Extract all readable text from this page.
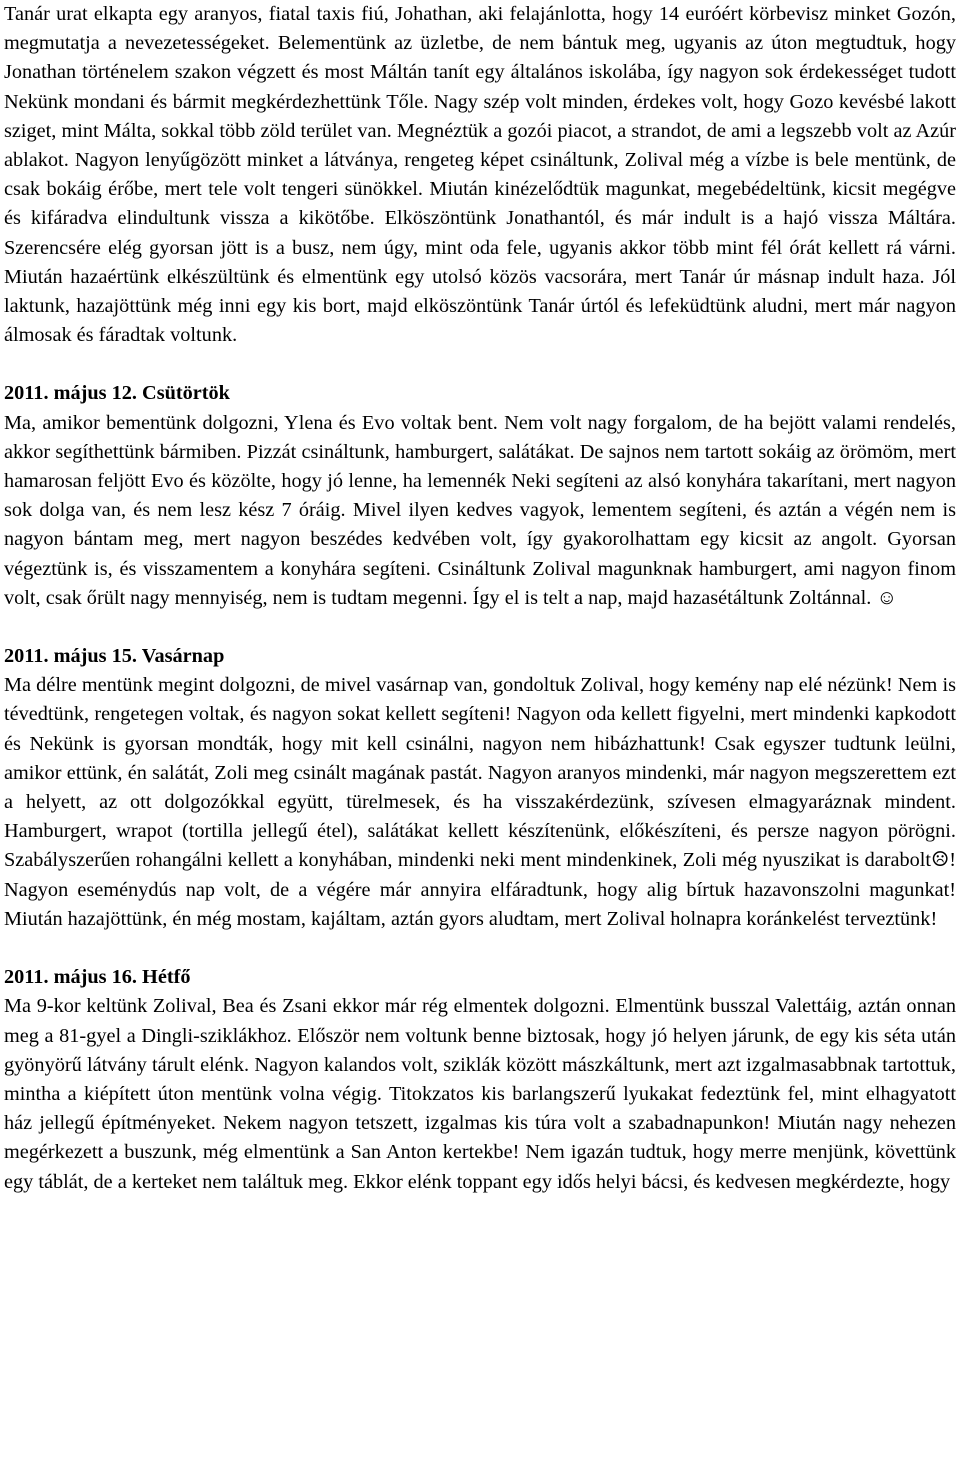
Tanár urat elkapta egy aranyos, fiatal taxis fiú, Johathan, aki felajánlotta, hogy 14 euróért körbevisz minket Gozón, megmutatja a nevezetességeket. Belementünk az üzletbe, de nem bántuk meg, ugyanis az úton megtudtuk, hogy Jonathan történelem szakon végzett és most Máltán tanít egy általános iskolába, így nagyon sok érdekességet tudott Nekünk mondani és bármit megkérdezhettünk Tőle. Nagy szép volt minden, érdekes volt, hogy Gozo kevésbé lakott sziget, mint Málta, sokkal több zöld terület van. Megnéztük a gozói piacot, a strandot, de ami a legszebb volt az Azúr ablakot. Nagyon lenyűgözött minket a látványa, rengeteg képet csináltunk, Zolival még a vízbe is bele mentünk, de csak bokáig érőbe, mert tele volt tengeri sünökkel. Miután kinézelődtük magunkat, megebédeltünk, kicsit megégve és kifáradva elindultunk vissza a kikötőbe. Elköszöntünk Jonathantól, és már indult is a hajó vissza Máltára. Szerencsére elég gyorsan jött is a busz, nem úgy, mint oda fele, ugyanis akkor több mint fél órát kellett rá várni. Miután hazaértünk elkészültünk és elmentünk egy utolsó közös vacsorára, mert Tanár úr másnap indult haza. Jól laktunk, hazajöttünk még inni egy kis bort, majd elköszöntünk Tanár úrtól és lefeküdtünk aludni, mert már nagyon álmosak és fáradtak voltunk.

2011. május 12. Csütörtök

Ma, amikor bementünk dolgozni, Ylena és Evo voltak bent. Nem volt nagy forgalom, de ha bejött valami rendelés, akkor segíthettünk bármiben. Pizzát csináltunk, hamburgert, salátákat. De sajnos nem tartott sokáig az örömöm, mert hamarosan feljött Evo és közölte, hogy jó lenne, ha lemennék Neki segíteni az alsó konyhára takarítani, mert nagyon sok dolga van, és nem lesz kész 7 óráig. Mivel ilyen kedves vagyok, lementem segíteni, és aztán a végén nem is nagyon bántam meg, mert nagyon beszédes kedvében volt, így gyakorolhattam egy kicsit az angolt. Gyorsan végeztünk is, és visszamentem a konyhára segíteni. Csináltunk Zolival magunknak hamburgert, ami nagyon finom volt, csak őrült nagy mennyiség, nem is tudtam megenni. Így el is telt a nap, majd hazasétáltunk Zoltánnal. ☺

2011. május 15. Vasárnap

Ma délre mentünk megint dolgozni, de mivel vasárnap van, gondoltuk Zolival, hogy kemény nap elé nézünk! Nem is tévedtünk, rengetegen voltak, és nagyon sokat kellett segíteni! Nagyon oda kellett figyelni, mert mindenki kapkodott és Nekünk is gyorsan mondták, hogy mit kell csinálni, nagyon nem hibázhattunk! Csak egyszer tudtunk leülni, amikor ettünk, én salátát, Zoli meg csinált magának pastát. Nagyon aranyos mindenki, már nagyon megszerettem ezt a helyett, az ott dolgozókkal együtt, türelmesek, és ha visszakérdezünk, szívesen elmagyaráznak mindent. Hamburgert, wrapot (tortilla jellegű étel), salátákat kellett készítenünk, előkészíteni, és persze nagyon pörögni. Szabályszerűen rohangálni kellett a konyhában, mindenki neki ment mindenkinek, Zoli még nyuszikat is darabolt☹! Nagyon eseménydús nap volt, de a végére már annyira elfáradtunk, hogy alig bírtuk hazavonszolni magunkat! Miután hazajöttünk, én még mostam, kajáltam, aztán gyors aludtam, mert Zolival holnapra koránkelést terveztünk!

2011. május 16. Hétfő

Ma 9-kor keltünk Zolival, Bea és Zsani ekkor már rég elmentek dolgozni. Elmentünk busszal Valettáig, aztán onnan meg a 81-gyel a Dingli-sziklákhoz. Először nem voltunk benne biztosak, hogy jó helyen járunk, de egy kis séta után gyönyörű látvány tárult elénk. Nagyon kalandos volt, sziklák között mászkáltunk, mert azt izgalmasabbnak tartottuk, mintha a kiépített úton mentünk volna végig. Titokzatos kis barlangszerű lyukakat fedeztünk fel, mint elhagyatott ház jellegű építményeket. Nekem nagyon tetszett, izgalmas kis túra volt a szabadnapunkon! Miután nagy nehezen megérkezett a buszunk, még elmentünk a San Anton kertekbe! Nem igazán tudtuk, hogy merre menjünk, követtünk egy táblát, de a kerteket nem találtuk meg. Ekkor elénk toppant egy idős helyi bácsi, és kedvesen megkérdezte, hogy
